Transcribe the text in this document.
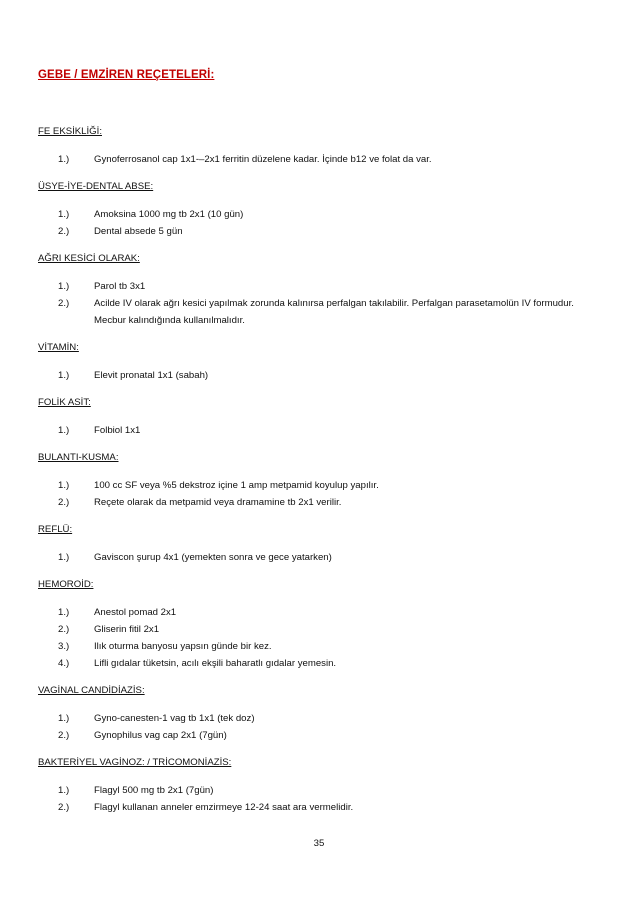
GEBE / EMZİREN REÇETELERİ:
FE EKSİKLİĞİ:
1.)	Gynoferrosanol cap 1x1-–2x1 ferritin düzelene kadar. İçinde b12 ve folat da var.
ÜSYE-İYE-DENTAL ABSE:
1.)	Amoksina 1000 mg tb 2x1 (10 gün)
2.)	Dental absede 5 gün
AĞRI KESİCİ OLARAK:
1.)	Parol tb 3x1
2.)	Acilde IV olarak ağrı kesici yapılmak zorunda kalınırsa perfalgan takılabilir. Perfalgan parasetamolün IV formudur. Mecbur kalındığında kullanılmalıdır.
VİTAMİN:
1.)	Elevit pronatal 1x1 (sabah)
FOLİK ASİT:
1.)	Folbiol 1x1
BULANTI-KUSMA:
1.)	100 cc SF veya %5 dekstroz içine 1 amp metpamid koyulup yapılır.
2.)	Reçete olarak da metpamid veya dramamine tb 2x1 verilir.
REFLÜ:
1.)	Gaviscon şurup 4x1 (yemekten sonra ve gece yatarken)
HEMOROİD:
1.)	Anestol pomad 2x1
2.)	Gliserin fitil 2x1
3.)	Ilık oturma banyosu yapsın günde bir kez.
4.)	Lifli gıdalar tüketsin, acılı ekşili baharatlı gıdalar yemesin.
VAGİNAL CANDİDİAZİS:
1.)	Gyno-canesten-1 vag tb 1x1 (tek doz)
2.)	Gynophilus vag cap 2x1 (7gün)
BAKTERİYEL VAGİNOZ: / TRİCOMONİAZİS:
1.)	Flagyl 500 mg tb 2x1 (7gün)
2.)	Flagyl kullanan anneler emzirmeye 12-24 saat ara vermelidir.
35
